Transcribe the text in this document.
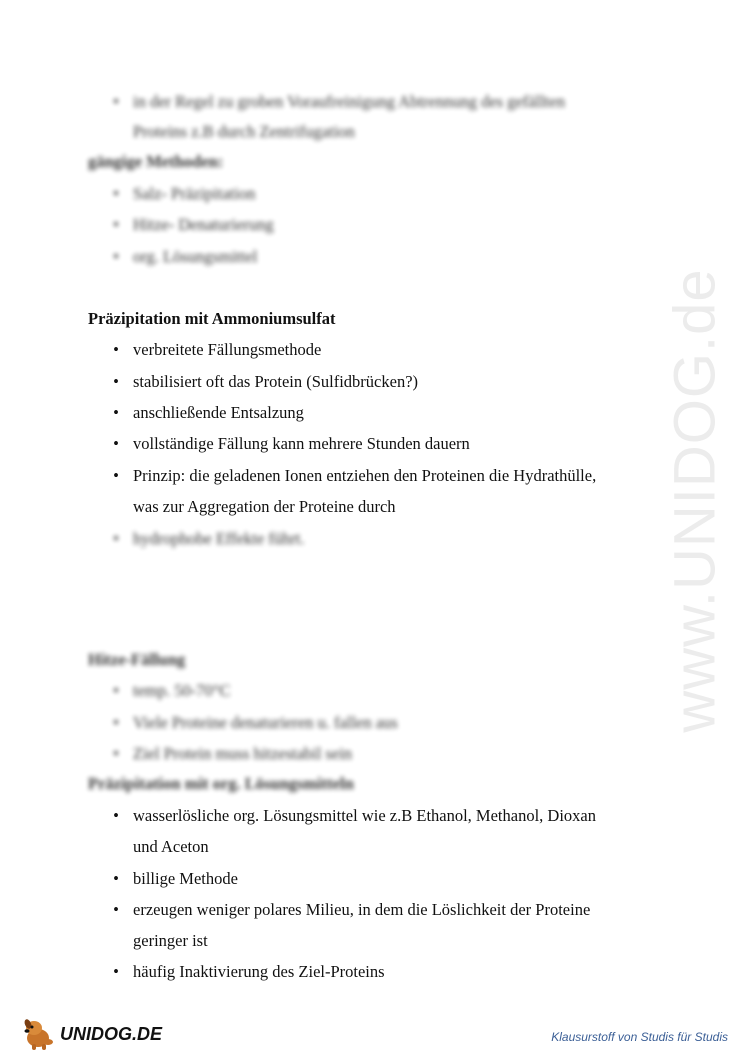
www.UNIDOG.de
• in der Regel zu groben Voraufreinigung Abtrennung des gefällten
Proteins z.B durch Zentrifugation
gängige Methoden:
• Salz- Präzipitation
• Hitze- Denaturierung
• org. Lösungsmittel
Präzipitation mit Ammoniumsulfat
• verbreitete Fällungsmethode
• stabilisiert oft das Protein (Sulfidbrücken?)
• anschließende Entsalzung
• vollständige Fällung kann mehrere Stunden dauern
• Prinzip: die geladenen Ionen entziehen den Proteinen die Hydrathülle,
was zur Aggregation der Proteine durch
• hydrophobe Effekte führt.
Hitze-Fällung
• temp. 50-70°C
• Viele Proteine denaturieren u. fallen aus
• Ziel Protein muss hitzestabil sein
Präzipitation mit org. Lösungsmitteln
• wasserlösliche org. Lösungsmittel wie z.B Ethanol, Methanol, Dioxan
und Aceton
• billige Methode
• erzeugen weniger polares Milieu, in dem die Löslichkeit der Proteine
geringer ist
• häufig Inaktivierung des Ziel-Proteins
UNIDOG.DE	Klausurstoff von Studis für Studis
